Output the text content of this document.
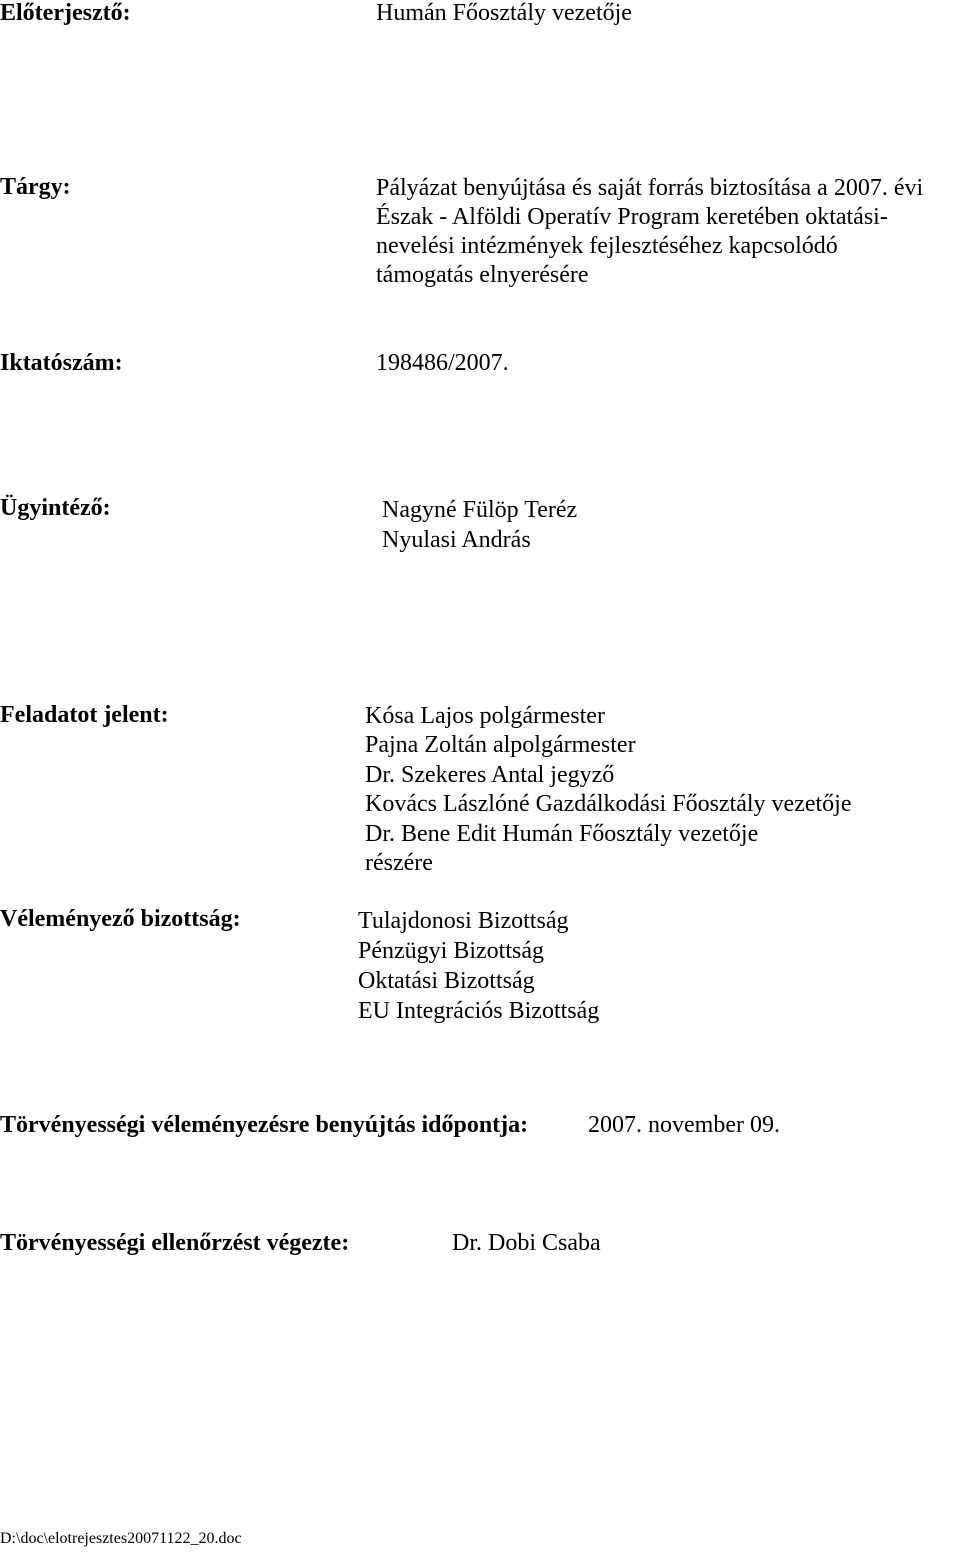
Előterjesztő:	Humán Főosztály vezetője
Tárgy:	Pályázat benyújtása és saját forrás biztosítása a 2007. évi
Észak - Alföldi Operatív Program keretében oktatási-
nevelési intézmények fejlesztéséhez kapcsolódó
támogatás elnyerésére
Iktatószám:	198486/2007.
Ügyintéző:	Nagyné Fülöp Teréz
Nyulasi András
Feladatot jelent:	Kósa Lajos polgármester
Pajna Zoltán alpolgármester
Dr. Szekeres Antal jegyző
Kovács Lászlóné Gazdálkodási Főosztály vezetője
Dr. Bene Edit Humán Főosztály vezetője
részére
Véleményező bizottság:	Tulajdonosi Bizottság
Pénzügyi Bizottság
Oktatási Bizottság
EU Integrációs Bizottság
Törvényességi véleményezésre benyújtás időpontja: 2007. november 09.
Törvényességi ellenőrzést végezte:	Dr. Dobi Csaba
D:\doc\elotrejesztes20071122_20.doc
